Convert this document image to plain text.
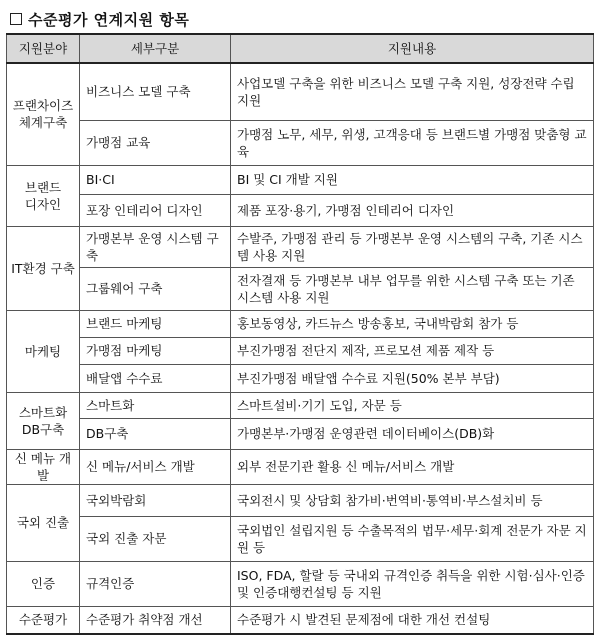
수준평가 연계지원 항목
지원분야	세부구분	지원내용

프랜차이즈
체계구축	비즈니스 모델 구축	사업모델 구축을 위한 비즈니스 모델 구축 지원, 성장전략 수립 지원
	가맹점 교육	가맹점 노무, 세무, 위생, 고객응대 등 브랜드별 가맹점 맞춤형 교육

브랜드
디자인	BI·CI	BI 및 CI 개발 지원
	포장 인테리어 디자인	제품 포장·용기, 가맹점 인테리어 디자인

IT환경 구축	가맹본부 운영 시스템 구축	수발주, 가맹점 관리 등 가맹본부 운영 시스템의 구축, 기존 시스템 사용 지원
	그룹웨어 구축	전자결재 등 가맹본부 내부 업무를 위한 시스템 구축 또는 기존 시스템 사용 지원

마케팅	브랜드 마케팅	홍보동영상, 카드뉴스 방송홍보, 국내박람회 참가 등
	가맹점 마케팅	부진가맹점 전단지 제작, 프로모션 제품 제작 등
	배달앱 수수료	부진가맹점 배달앱 수수료 지원(50% 본부 부담)

스마트화
DB구축	스마트화	스마트설비·기기 도입, 자문 등
	DB구축	가맹본부·가맹점 운영관련 데이터베이스(DB)화

신 메뉴 개발	신 메뉴/서비스 개발	외부 전문기관 활용 신 메뉴/서비스 개발

국외 진출	국외박람회	국외전시 및 상담회 참가비·번역비·통역비·부스설치비 등
	국외 진출 자문	국외법인 설립지원 등 수출목적의 법무·세무·회계 전문가 자문 지원 등

인증	규격인증	ISO, FDA, 할랄 등 국내외 규격인증 취득을 위한 시험·심사·인증 및 인증대행컨설팅 등 지원

수준평가	수준평가 취약점 개선	수준평가 시 발견된 문제점에 대한 개선 컨설팅
